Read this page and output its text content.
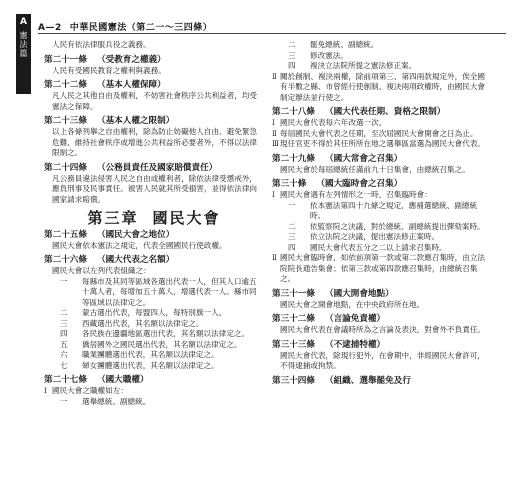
A
憲法篇
A—2 中華民國憲法（第二一〜三四條）

人民有依法律服兵役之義務。

第二十一條 （受教育之權義）

人民有受國民教育之權利與義務。

第二十二條 （基本人權保障）

凡人民之其他自由及權利，不妨害社會秩序公共利益者，均受憲法之保障。

第二十三條 （基本人權之限制）

以上各條列舉之自由權利，除為防止妨礙他人自由、避免緊急危難、維持社會秩序或增進公共利益所必要者外，不得以法律限制之。

第二十四條 （公務員責任及國家賠償責任）

凡公務員違法侵害人民之自由或權利者，除依法律受懲戒外，應負刑事及民事責任。被害人民就其所受損害，並得依法律向國家請求賠償。

第三章 國民大會
第二十五條 （國民大會之地位）

國民大會依本憲法之規定，代表全國國民行使政權。

第二十六條 （國大代表之名額）

國民大會以左列代表組織之：

一	每縣市及其同等區域各選出代表一人，但其人口逾五十萬人者，每增加五十萬人，增選代表一人。縣市同等區域以法律定之。
二	蒙古選出代表，每盟四人，每特別旗一人。
三	西藏選出代表，其名額以法律定之。
四	各民族在邊疆地區選出代表，其名額以法律定之。
五	僑居國外之國民選出代表，其名額以法律定之。
六	職業團體選出代表，其名額以法律定之。
七	婦女團體選出代表，其名額以法律定之。
第二十七條 （國大職權）

Ⅰ 國民大會之職權如左：

一	選舉總統、副總統。
二	罷免總統、副總統。
三	修改憲法。
四	複決立法院所提之憲法修正案。

Ⅱ 關於創制、複決兩權，除前項第三、第四兩款規定外，俟全國有半數之縣、市曾經行使創制、複決兩項政權時，由國民大會制定辦法並行使之。

第二十八條 （國大代表任期、資格之限制）

Ⅰ 國民大會代表每六年改選一次。

Ⅱ 每屆國民大會代表之任期，至次屆國民大會開會之日為止。

Ⅲ現任官吏不得於其任所所在地之選舉區當選為國民大會代表。

第二十九條 （國大常會之召集）

國民大會於每屆總統任滿前九十日集會，由總統召集之。

第三十條 （國大臨時會之召集）

Ⅰ 國民大會遇有左列情形之一時，召集臨時會：

一	依本憲法第四十九條之規定，應補選總統、副總統時。
二	依監察院之決議，對於總統、副總統提出彈劾案時。
三	依立法院之決議，提出憲法修正案時。
四	國民大會代表五分之二以上請求召集時。

Ⅱ 國民大會臨時會，如依前項第一款或第二款應召集時，由立法院院長通告集會；依第三款或第四款應召集時，由總統召集之。

第三十一條 （國大開會地點）

國民大會之開會地點，在中央政府所在地。

第三十二條 （言論免責權）

國民大會代表在會議時所為之言論及表決，對會外不負責任。

第三十三條 （不逮捕特權）

國民大會代表，除現行犯外，在會期中，非經國民大會許可，不得逮捕或拘禁。

第三十四條 （組織、選舉罷免及行
